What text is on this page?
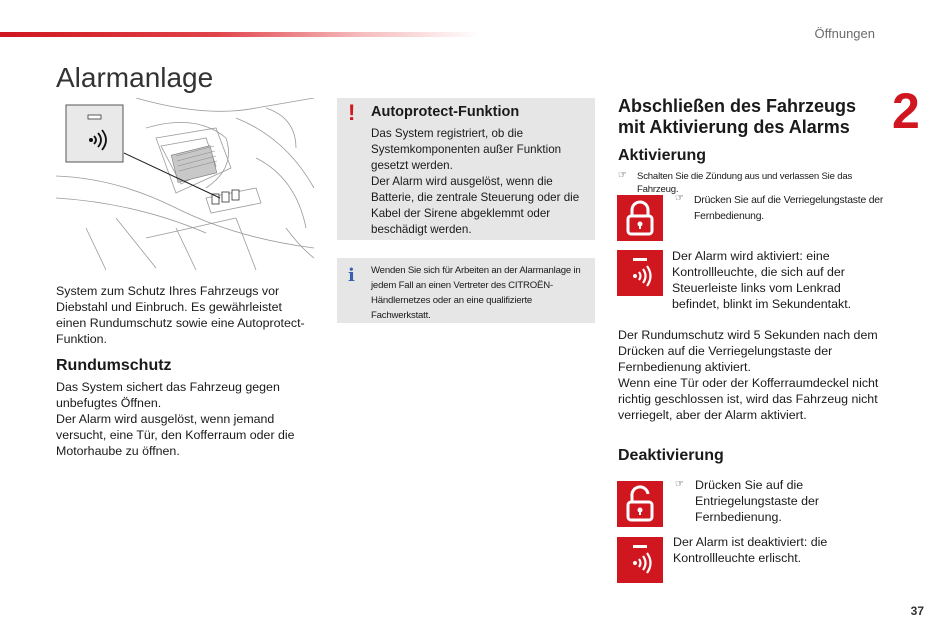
Öffnungen
2
37
Alarmanlage

System zum Schutz Ihres Fahrzeugs vor Diebstahl und Einbruch. Es gewährleistet einen Rundumschutz sowie eine Autoprotect-Funktion.

Rundumschutz

Das System sichert das Fahrzeug gegen unbefugtes Öffnen.
Der Alarm wird ausgelöst, wenn jemand versucht, eine Tür, den Kofferraum oder die Motorhaube zu öffnen.

! Autoprotect-Funktion

Das System registriert, ob die Systemkomponenten außer Funktion gesetzt werden.
Der Alarm wird ausgelöst, wenn die Batterie, die zentrale Steuerung oder die Kabel der Sirene abgeklemmt oder beschädigt werden.

i Wenden Sie sich für Arbeiten an der Alarmanlage in jedem Fall an einen Vertreter des CITROËN-Händlernetzes oder an eine qualifizierte Fachwerkstatt.

Abschließen des Fahrzeugs mit Aktivierung des Alarms
Aktivierung
☞ Schalten Sie die Zündung aus und verlassen Sie das Fahrzeug.

☞ Drücken Sie auf die Verriegelungstaste der Fernbedienung.

Der Alarm wird aktiviert: eine Kontrollleuchte, die sich auf der Steuerleiste links vom Lenkrad befindet, blinkt im Sekundentakt.

Der Rundumschutz wird 5 Sekunden nach dem Drücken auf die Verriegelungstaste der Fernbedienung aktiviert.
Wenn eine Tür oder der Kofferraumdeckel nicht richtig geschlossen ist, wird das Fahrzeug nicht verriegelt, aber der Alarm aktiviert.

Deaktivierung
☞ Drücken Sie auf die Entriegelungstaste der Fernbedienung.

Der Alarm ist deaktiviert: die Kontrollleuchte erlischt.
